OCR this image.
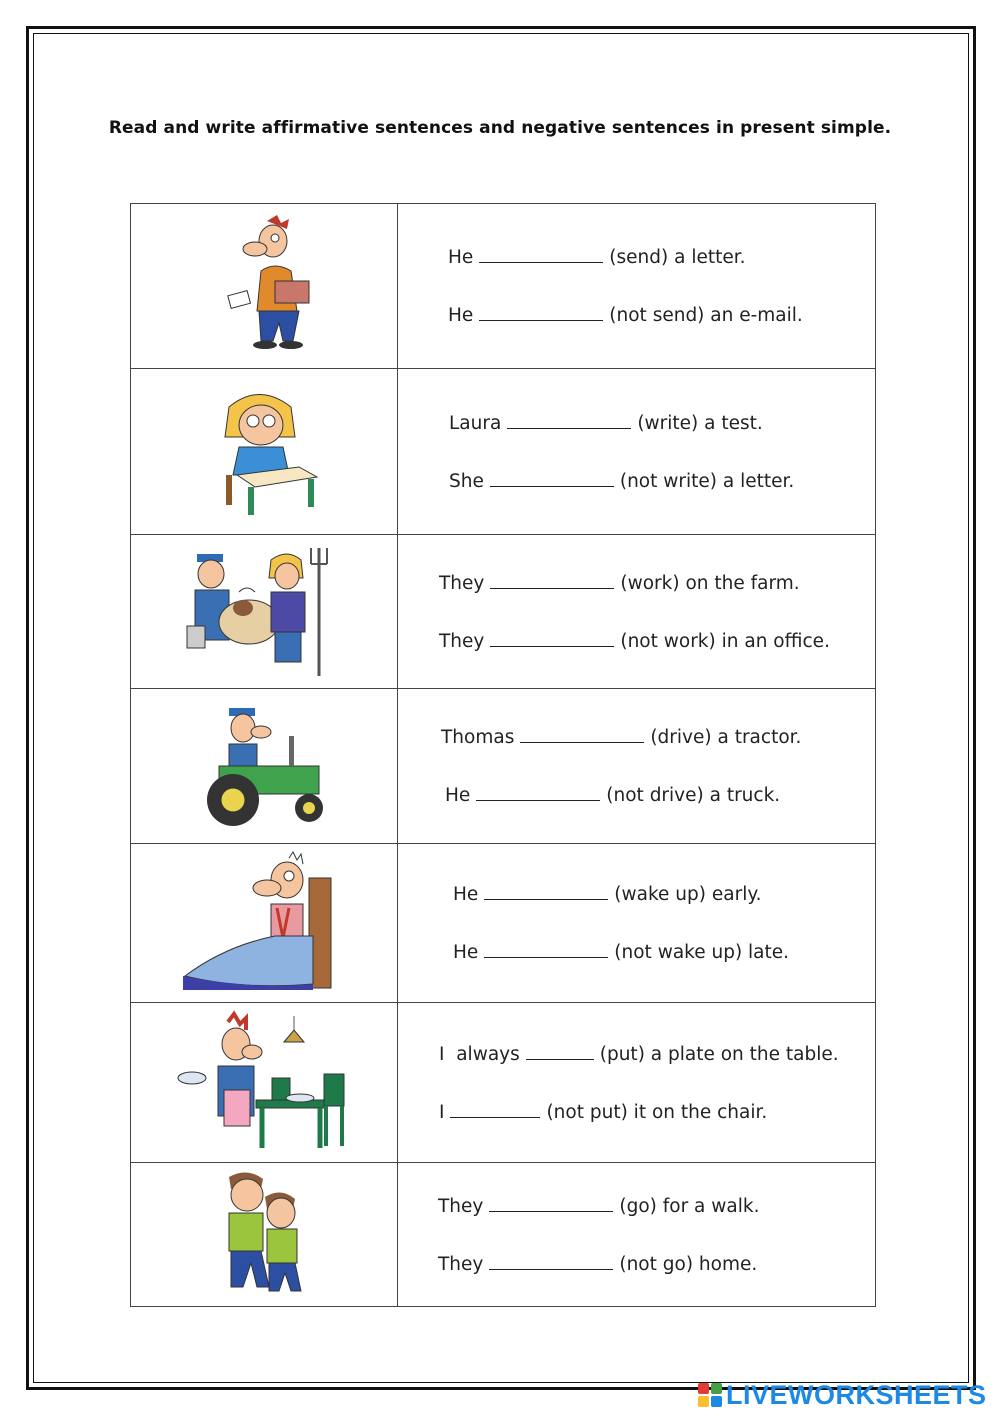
Read and write affirmative sentences and negative sentences in present simple.

He (send) a letter.
He (not send) an e-mail.

Laura (write) a test.
She (not write) a letter.

They (work) on the farm.
They (not work) in an office.

Thomas (drive) a tractor.
He (not drive) a truck.

He (wake up) early.
He (not wake up) late.

I  always (put) a plate on the table.
I (not put) it on the chair.

They (go) for a walk.
They (not go) home.
LIVEWORKSHEETS
